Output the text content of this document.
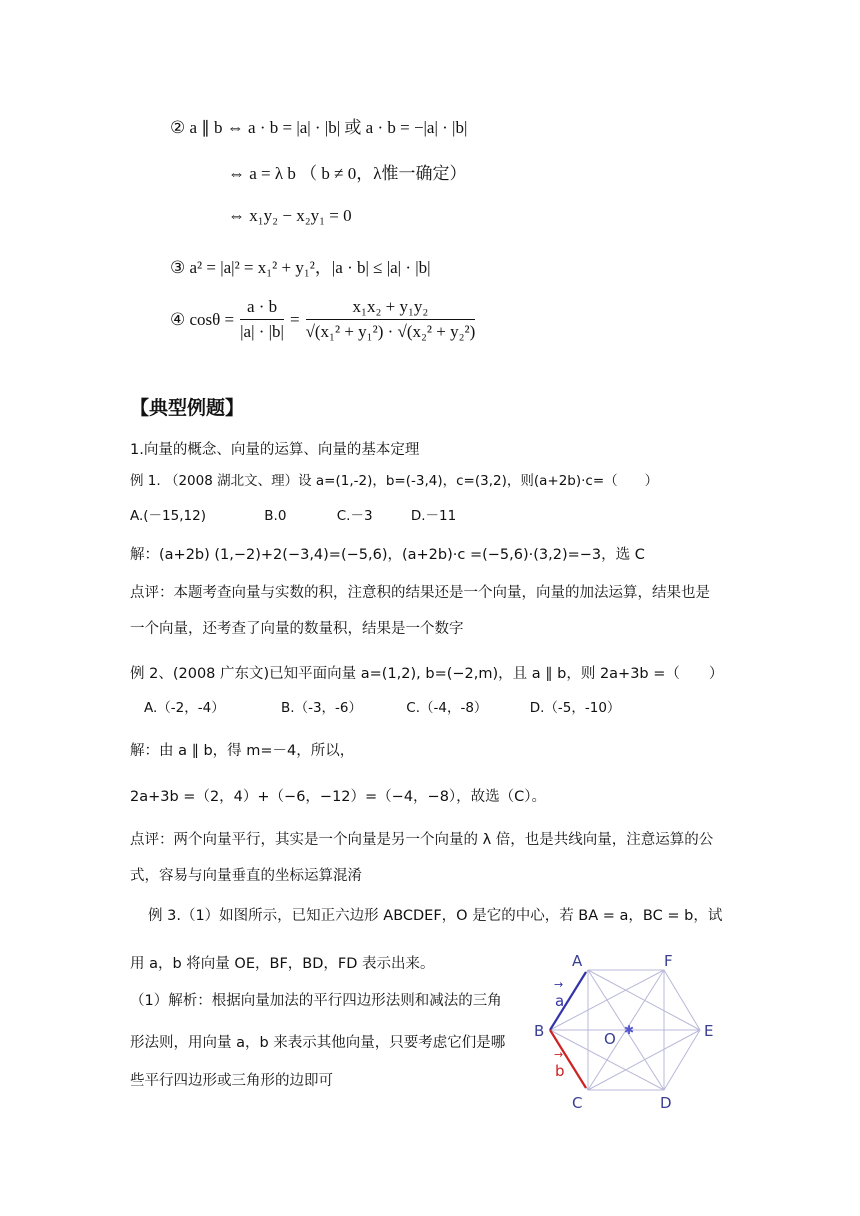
② a ∥ b ⇔ a · b = |a| · |b| 或 a · b = −|a| · |b|
⇔ a = λ b （ b ≠ 0，λ惟一确定）
⇔ x₁y₂ − x₂y₁ = 0
③ a² = |a|² = x₁² + y₁²，|a · b| ≤ |a| · |b|
④ $\cos\theta = \frac{a \cdot b}{|a| \cdot |b|} = \frac{\text{x₁x₂ + y₁y₂}}{\text{√(x₁² + y₁²) · √(x₂² + y₂²)}}$
【典型例题】
1.向量的概念、向量的运算、向量的基本定理
例 1. （2008 湖北文、理）设 a=(1,-2)，b=(-3,4)，c=(3,2)，则(a+2b)·c=（　　）
A.(－15,12)	B.0	C.－3	D.－11
解：(a+2b) (1,−2)+2(−3,4)=(−5,6)，(a+2b)·c =(−5,6)·(3,2)=−3，选 C
点评：本题考查向量与实数的积，注意积的结果还是一个向量，向量的加法运算，结果也是
一个向量，还考查了向量的数量积，结果是一个数字
例 2、(2008 广东文)已知平面向量 a=(1,2), b=(−2,m)，且 a ∥ b，则 2a+3b =（　　）
A.（-2，-4）	B.（-3，-6）	C.（-4，-8）	D.（-5，-10）
解：由 a ∥ b，得 m=－4，所以，
2a+3b =（2，4）+（−6，−12）=（−4，−8），故选（C）。
点评：两个向量平行，其实是一个向量是另一个向量的 λ 倍，也是共线向量，注意运算的公
式，容易与向量垂直的坐标运算混淆
例 3.（1）如图所示，已知正六边形 ABCDEF，O 是它的中心，若 BA = a，BC = b，试
用 a，b 将向量 OE，BF，BD，FD 表示出来。
（1）解析：根据向量加法的平行四边形法则和减法的三角
形法则，用向量 a，b 来表示其他向量，只要考虑它们是哪
些平行四边形或三角形的边即可
✱
A	F
E
D
C
B	O
→
a
→
b
